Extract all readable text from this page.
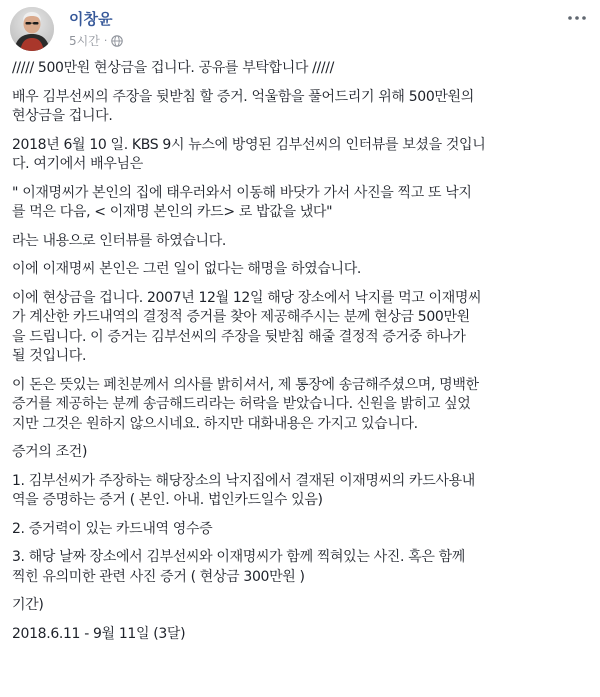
이창윤
5시간 ·

///// 500만원 현상금을 겁니다. 공유를 부탁합니다 /////

배우 김부선씨의 주장을 뒷받침 할 증거. 억울함을 풀어드리기 위해 500만원의
현상금을 겁니다.

2018년 6월 10 일. KBS 9시 뉴스에 방영된 김부선씨의 인터뷰를 보셨을 것입니
다. 여기에서 배우님은

" 이재명씨가 본인의 집에 태우러와서 이동해 바닷가 가서 사진을 찍고 또 낙지
를 먹은 다음, < 이재명 본인의 카드> 로 밥값을 냈다"

라는 내용으로 인터뷰를 하였습니다.

이에 이재명씨 본인은 그런 일이 없다는 해명을 하였습니다.

이에 현상금을 겁니다. 2007년 12월 12일 해당 장소에서 낙지를 먹고 이재명씨
가 계산한 카드내역의 결정적 증거를 찾아 제공해주시는 분께 현상금 500만원
을 드립니다. 이 증거는 김부선씨의 주장을 뒷받침 해줄 결정적 증거중 하나가
될 것입니다.

이 돈은 뜻있는 페친분께서 의사를 밝히셔서, 제 통장에 송금해주셨으며, 명백한
증거를 제공하는 분께 송금해드리라는 허락을 받았습니다. 신원을 밝히고 싶었
지만 그것은 원하지 않으시네요. 하지만 대화내용은 가지고 있습니다.

증거의 조건)

1. 김부선씨가 주장하는 해당장소의 낙지집에서 결재된 이재명씨의 카드사용내
역을 증명하는 증거 ( 본인. 아내. 법인카드일수 있음)

2. 증거력이 있는 카드내역 영수증

3. 해당 날짜 장소에서 김부선씨와 이재명씨가 함께 찍혀있는 사진. 혹은 함께
찍힌 유의미한 관련 사진 증거 ( 현상금 300만원 )

기간)

2018.6.11 - 9월 11일 (3달)
